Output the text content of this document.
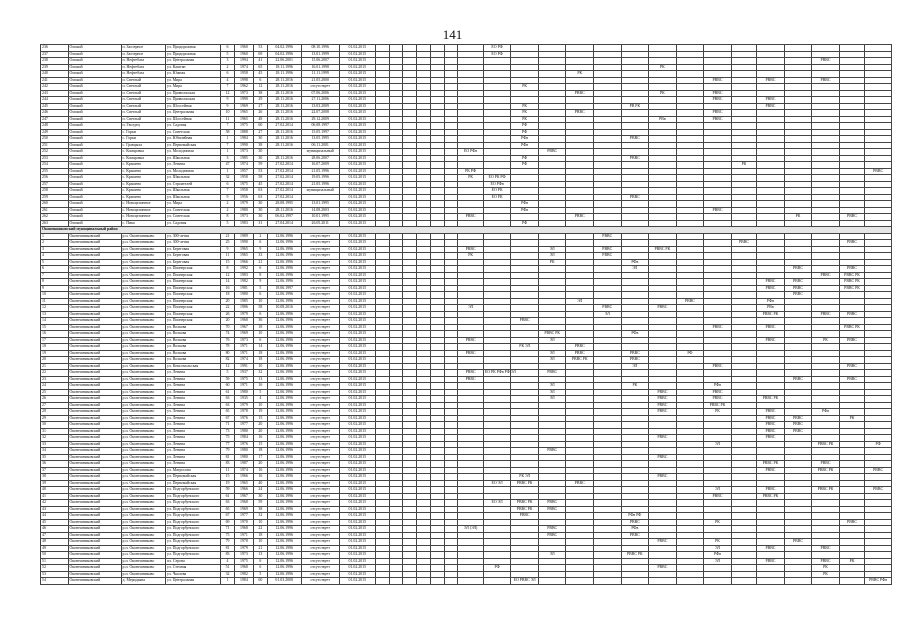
141
236	Омский	п. Заозерное	ул. Придорожная	6	1960	53	04.02.1996	08.10.1996	01.02.2015								ЕО РФ														
237	Омский	п. Заозерное	ул. Придорожная	5	1960	69	04.02.1996	13.01.1999	01.02.2015								ЕО РФ														
238	Омский	п. Нефтебаза	ул. Центральная	3	1994	41	22.06.2001	15.06.2007	01.02.2015																				РВВС		
239	Омский	п. Нефтебаза	ул. Каштан	2	1974	65	18.11.1996	16.01.1998	01.02.2015														РК								
240	Омский	п. Нефтебаза	ул. Южная	6	1958	45	18.11.1996	11.11.1999	01.02.2015											РК											
241	Омский	п. Светлый	ул. Мира	4	1998	6	28.11.2016	21.05.2000	01.02.2015																РВВС		РВВС		РВВС		
242	Омский	п. Светлый	ул. Мира	7	1962	12	28.11.2016	отсутствует	01.02.2015									РК													
243	Омский	п. Светлый	ул. Приволжская	12	1973	38	28.11.2016	07.06.2006	01.02.2015											РВВС			РК		РВВС						
244	Омский	п. Светлый	ул. Приволжская	9	1990	29	28.11.2016	27.11.2006	01.02.2015																РВВС		РВВС				
245	Омский	п. Светлый	ул. Шоссейная	9	1969	27	28.11.2016	13.03.2009	01.02.2015									РК				РВ РК					РВВС				
246	Омский	п. Светлый	ул. Центральная	10	1965	26	28.11.2016	22.07.2008	01.02.2015									РК		РВВС					РВВС						
247	Омский	п. Светлый	ул. Шоссейная	11	1965	48	28.11.2016	29.12.2009	01.02.2015									РК					РВв		РВВС						
248	Омский	п. Гвоздец	ул. Садовая	7	1975	60	27.02.2014	06.08.1997	01.02.2015									РФ													
249	Омский	с. Горки	ул. Советская	58	1888	27	28.11.2016	15.05.1997	01.02.2015									РФ													
250	Омский	с. Горки	ул. Юбилейная	1	1984	30	28.11.2016	13.05.1995	01.02.2015									РФв				РВВС									
251	Омский	с. Гравцыха	ул. Первомайская	7	1990	38	28.11.2016	06.11.2001	01.02.2015									РФв													
252	Омский	с. Комаровка	ул. Молодежная	1	1973	30		муниципальный	01.02.2015							ЕО РФв			РВВС												
253	Омский	с. Комаровка	ул. Школьная	3	1985	30	28.11.2016	28.06.2007	01.02.2015									РФ				РВВС									
254	Омский	с. Крашено	ул. Ленина	47	1974	59	27.02.2014	16.07.2009	01.02.2015									РФ								РК					
255	Омский	с. Крашено	ул. Молодежная	1	1957	53	27.02.2014	21.05.1996	01.02.2015							РК РФ															РВВС
256	Омский	с. Крашено	ул. Школьная	32	1958	58	27.02.2014	19.05.1996	01.02.2015							РК	ЕО РК РФ														
257	Омский	с. Крашено	ул. Строителей	6	1975	45	27.02.2014	21.05.1996	01.02.2015								ЕО РФв														
258	Омский	с. Крашено	ул. Школьная	7	1958	63	27.02.2014	муниципальный	01.02.2015								ЕО РК														
259	Омский	с. Крашено	ул. Школьная	9	1956	63	27.02.2014		01.02.2015								ЕО РК					РВВС									
260	Омский	с. Новоцелинное	ул. Мира	2	1979	30	28.08.1995	13.01.1995	01.02.2015									РФв													
261	Омский	с. Новоцелинное	ул. Советская	2	1980	30	28.11.2016	14.08.2003	01.02.2015									РФв							РВВС						
262	Омский	с. Новоцелинное	ул. Советская	8	1973	30	06.02.1997	10.01.1995	01.02.2015							РВВС				РВВС								РК		РВВС	
263	Омский	с. Пика	ул. Садовая	5	1983	31	27.04.2014	26.05.2011	01.02.2015									РФ													
Оконешниковский муниципальный район																															
1	Оконешниковский	р.п. Оконешниково	ул. 300-летия	21	1989	2	12.06.1996	отсутствует	01.02.2015												РВВС										
2	Оконешниковский	р.п. Оконешниково	ул. 300-летия	25	1990	6	12.06.1996	отсутствует	01.02.2015																	РВВС				РВВС	
3	Оконешниковский	р.п. Оконешниково	ул. Береговая	9	1965	9	12.06.1996	отсутствует	01.02.2015							РВВС			ЭЛ		РВВС		РВВС РК								
4	Оконешниковский	р.п. Оконешниково	ул. Береговая	11	1965	33	12.06.1996	отсутствует	01.02.2015							РК			ЭЛ		РВВС										
5	Оконешниковский	р.п. Оконешниково	ул. Береговая	15	1966	21	12.06.1996	отсутствует	01.02.2015										РК			РФв									
6	Оконешниковский	р.п. Оконешниково	ул. Пионерская	8	1992	6	12.06.1996	отсутствует	01.02.2015													ЭЛ						РВВС		РВВС	
7	Оконешниковский	р.п. Оконешниково	ул. Пионерская	12	1983	8	12.06.1996	отсутствует	01.02.2015																				РВВС	РВВС РК	
8	Оконешниковский	р.п. Оконешниково	ул. Пионерская	14	1982	9	12.06.1996	отсутствует	01.02.2015																		РВВС	РВВС		РВВС РК	
9	Оконешниковский	р.п. Оконешниково	ул. Пионерская	16	1981	5	18.06.1997	отсутствует	01.02.2015																		РВВС	РВВС		РВВС РК	
10	Оконешниковский	р.п. Оконешниково	ул. Пионерская	18	1980	6	12.06.1996	отсутствует	01.02.2015																			РВВС			
11	Оконешниковский	р.п. Оконешниково	ул. Пионерская	20	1985	10	12.06.1996	отсутствует	01.02.2015											ЭЛ				РВВС			РФв				
12	Оконешниковский	р.п. Оконешниково	ул. Пионерская	22	1986	58	10.08.2016	отсутствует	01.02.2015							ЭЛ					РВВС		РВВС				РВв				
13	Оконешниковский	р.п. Оконешниково	ул. Пионерская	26	1979	6	12.06.1996	отсутствует	01.02.2015												ЭЛ						РВВС РК		РВВС	РВВС	
14	Оконешниковский	р.п. Оконешниково	ул. Пионерская	20	1968	36	12.06.1996	отсутствует	01.02.2015									РВВС													
15	Оконешниковский	р.п. Оконешниково	ул. Волкова	70	1967	18	12.06.1996	отсутствует	01.02.2015																РВВС		РВВС			РВВС РК	
16	Оконешниковский	р.п. Оконешниково	ул. Волкова	74	1969	10	12.06.1996	отсутствует	01.02.2015										РВВС РК			РФв									
17	Оконешниковский	р.п. Оконешниково	ул. Волкова	76	1973	6	12.06.1996	отсутствует	01.02.2015							РВВС			ЭЛ								РВВС		РК	РВВС	
18	Оконешниковский	р.п. Оконешниково	ул. Волкова	78	1971	14	12.06.1996	отсутствует	01.02.2015									РК ЭЛ		РВВС											
19	Оконешниковский	р.п. Оконешниково	ул. Волкова	80	1971	18	12.06.1996	отсутствует	01.02.2015							РВВС			ЭЛ	РВВС		РВВС		РФ							
20	Оконешниковский	р.п. Оконешниково	ул. Волкова	82	1974	18	12.06.1996	отсутствует	01.02.2015										ЭЛ	РВВС РК		РВВС									
21	Оконешниковский	р.п. Оконешниково	ул. Комсомольская	12	1991	10	12.06.1996	отсутствует	01.02.2015													ЭЛ			РВВС					РВВС	
22	Оконешниковский	р.п. Оконешниково	ул. Ленина	5	1937	32	12.06.1996	отсутствует	01.02.2015							РВВС	ЕО РК РФв РФ ЭЛ		РВВС												
23	Оконешниковский	р.п. Оконешниково	ул. Ленина	59	1975	13	12.06.1996	отсутствует	01.02.2015							РВВС												РВВС		РВВС	
24	Оконешниковский	р.п. Оконешниково	ул. Ленина	60	1971	16	12.06.1996	отсутствует	01.02.2015										ЭЛ			РК			РФв						
25	Оконешниковский	р.п. Оконешниково	ул. Ленина	61	1980	5	12.06.1996	отсутствует	01.02.2015										ЭЛ				РВВС		РВВС						
26	Оконешниковский	р.п. Оконешниково	ул. Ленина	63	1935	4	12.06.1996	отсутствует	01.02.2015										ЭЛ				РВВС		РВВС		РВВС РК				
27	Оконешниковский	р.п. Оконешниково	ул. Ленина	63	1979	10	12.06.1996	отсутствует	01.02.2015														РВВС		РВВС РК						
28	Оконешниковский	р.п. Оконешниково	ул. Ленина	65	1978	19	12.06.1996	отсутствует	01.02.2015														РВВС		РК		РВВС		РФв		
29	Оконешниковский	р.п. Оконешниково	ул. Ленина	67	1976	15	12.06.1996	отсутствует	01.02.2015																		РВВС	РВВС		РК	
30	Оконешниковский	р.п. Оконешниково	ул. Ленина	71	1977	20	12.06.1996	отсутствует	01.02.2015																		РВВС	РВВС			
31	Оконешниковский	р.п. Оконешниково	ул. Ленина	73	1980	20	12.06.1996	отсутствует	01.02.2015																		РВВС	РВВС			
32	Оконешниковский	р.п. Оконешниково	ул. Ленина	75	1984	16	12.06.1996	отсутствует	01.02.2015														РВВС				РВВС				
33	Оконешниковский	р.п. Оконешниково	ул. Ленина	77	1976	15	12.06.1996	отсутствует	01.02.2015																ЭЛ				РВВС РК		РФ
34	Оконешниковский	р.п. Оконешниково	ул. Ленина	79	1980	18	12.06.1996	отсутствует	01.02.2015										РВВС												
35	Оконешниковский	р.п. Оконешниково	ул. Ленина	81	1980	17	12.06.1996	отсутствует	01.02.2015														РВВС								
36	Оконешниковский	р.п. Оконешниково	ул. Ленина	83	1987	20	12.06.1996	отсутствует	01.02.2015																		РВВС РК		РВВС		
37	Оконешниковский	р.п. Оконешниково	ул. Матросова	11	1974	16	12.06.1996	отсутствует	01.02.2015																		РВВС		РВВС РК		РВВС
38	Оконешниковский	р.п. Оконешниково	ул. Первомайская	15	1966	16	12.06.1996	отсутствует	01.02.2015									РК ЭЛ					РВВС								
39	Оконешниковский	р.п. Оконешниково	ул. Первомайская	19	1965	40	12.06.1996	отсутствует	01.02.2015								ЕО ЭЛ	РВВС РК		РВВС											
40	Оконешниковский	р.п. Оконешниково	ул. Подгорбунского	59	1966	24	12.06.1996	отсутствует	01.02.2015																ЭЛ		РВВС		РВВС РК		РВВС
41	Оконешниковский	р.п. Оконешниково	ул. Подгорбунского	61	1967	30	12.06.1996	отсутствует	01.02.2015																РВВС		РВВС РК				
42	Оконешниковский	р.п. Оконешниково	ул. Подгорбунского	63	1968	59	12.06.1996	отсутствует	01.02.2015								ЕО ЭЛ	РВВС РК	РВВС												
43	Оконешниковский	р.п. Оконешниково	ул. Подгорбунского	65	1969	38	12.06.1996	отсутствует	01.02.2015									РВВС РК	РВВС												
44	Оконешниковский	р.п. Оконешниково	ул. Подгорбунского	67	1977	32	12.06.1996	отсутствует	01.02.2015									РВВС				РФв РФ									
45	Оконешниковский	р.п. Оконешниково	ул. Подгорбунского	69	1970	10	12.06.1996	отсутствует	01.02.2015													РВВС			РК					РВВС	
46	Оконешниковский	р.п. Оконешниково	ул. Подгорбунского	71	1968	22	12.06.1996	отсутствует	01.02.2015							ЭЛ (ЭЛ)			РВВС			РФв									
47	Оконешниковский	р.п. Оконешниково	ул. Подгорбунского	75	1971	18	12.06.1996	отсутствует	01.02.2015										РВВС			РВВС									
48	Оконешниковский	р.п. Оконешниково	ул. Подгорбунского	79	1978	10	12.06.1996	отсутствует	01.02.2015														РВВС		РК			РВВС			
49	Оконешниковский	р.п. Оконешниково	ул. Подгорбунского	81	1979	21	12.06.1996	отсутствует	01.02.2015																ЭЛ		РВВС		РВВС		
50	Оконешниковский	р.п. Оконешниково	ул. Подгорбунского	83	1973	13	12.06.1996	отсутствует	01.02.2015										ЭЛ			РВВС РК			РФв						
51	Оконешниковский	р.п. Оконешниково	пл. Серова	4	1975	6	12.06.1996	отсутствует	01.02.2015																ЭЛ		РВВС		РВВС	РК	
52	Оконешниковский	р.п. Оконешниково	ул. Степная	51	1968	6	12.06.1996	отсутствует	01.02.2015								РФ						РВВС						РК		
53	Оконешниковский	р.п. Оконешниково	ул. Чкалова	32	1982	5	12.06.1996	отсутствует	01.02.2015																				РК		
54	Оконешниковский	д. Меридьяна	ул. Центральная	1	1984	60	01.03.2008	отсутствует	01.02.2015									ЕО РВВС ЭЛ													РВВС РФв
